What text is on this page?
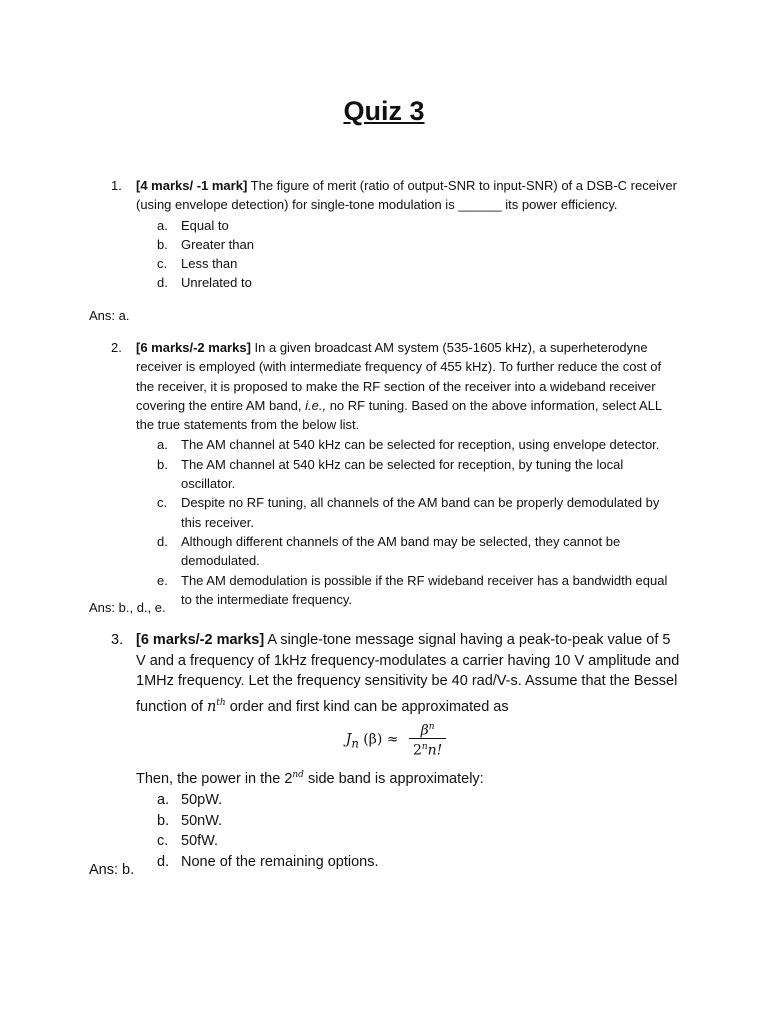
Quiz 3
1. [4 marks/ -1 mark] The figure of merit (ratio of output-SNR to input-SNR) of a DSB-C receiver (using envelope detection) for single-tone modulation is ______ its power efficiency.
a. Equal to
b. Greater than
c. Less than
d. Unrelated to
Ans: a.
2. [6 marks/-2 marks] In a given broadcast AM system (535-1605 kHz), a superheterodyne receiver is employed (with intermediate frequency of 455 kHz). To further reduce the cost of the receiver, it is proposed to make the RF section of the receiver into a wideband receiver covering the entire AM band, i.e., no RF tuning. Based on the above information, select ALL the true statements from the below list.
a. The AM channel at 540 kHz can be selected for reception, using envelope detector.
b. The AM channel at 540 kHz can be selected for reception, by tuning the local oscillator.
c. Despite no RF tuning, all channels of the AM band can be properly demodulated by this receiver.
d. Although different channels of the AM band may be selected, they cannot be demodulated.
e. The AM demodulation is possible if the RF wideband receiver has a bandwidth equal to the intermediate frequency.
Ans: b., d., e.
3. [6 marks/-2 marks] A single-tone message signal having a peak-to-peak value of 5 V and a frequency of 1kHz frequency-modulates a carrier having 10 V amplitude and 1MHz frequency. Let the frequency sensitivity be 40 rad/V-s. Assume that the Bessel function of $n^{th}$ order and first kind can be approximated as
$J_n$ $(\beta) \approx \frac{\beta^n}{2^nn!}$
Then, the power in the 2nd side band is approximately:
a. 50pW.
b. 50nW.
c. 50fW.
d. None of the remaining options.
Ans: b.
